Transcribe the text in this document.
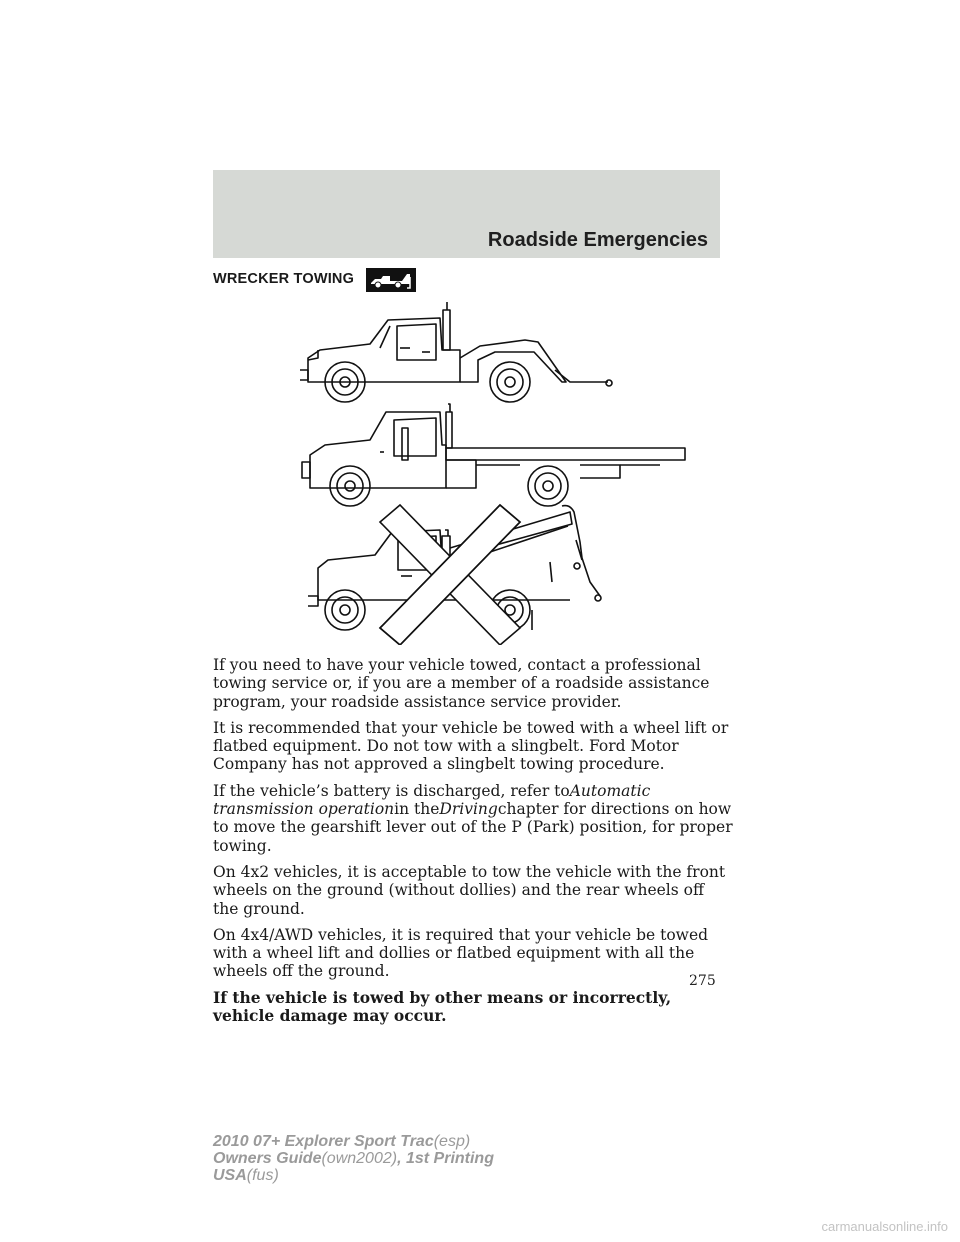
Roadside Emergencies
WRECKER TOWING

If you need to have your vehicle towed, contact a professional towing service or, if you are a member of a roadside assistance program, your roadside assistance service provider.

It is recommended that your vehicle be towed with a wheel lift or flatbed equipment. Do not tow with a slingbelt. Ford Motor Company has not approved a slingbelt towing procedure.

If the vehicle’s battery is discharged, refer toAutomatic transmission operationin theDrivingchapter for directions on how to move the gearshift lever out of the P (Park) position, for proper towing.

On 4x2 vehicles, it is acceptable to tow the vehicle with the front wheels on the ground (without dollies) and the rear wheels off the ground.

On 4x4/AWD vehicles, it is required that your vehicle be towed with a wheel lift and dollies or flatbed equipment with all the wheels off the ground.

If the vehicle is towed by other means or incorrectly, vehicle damage may occur.

275
2010 07+ Explorer Sport Trac(esp)
Owners Guide(own2002), 1st Printing
USA(fus)
carmanualsonline.info
